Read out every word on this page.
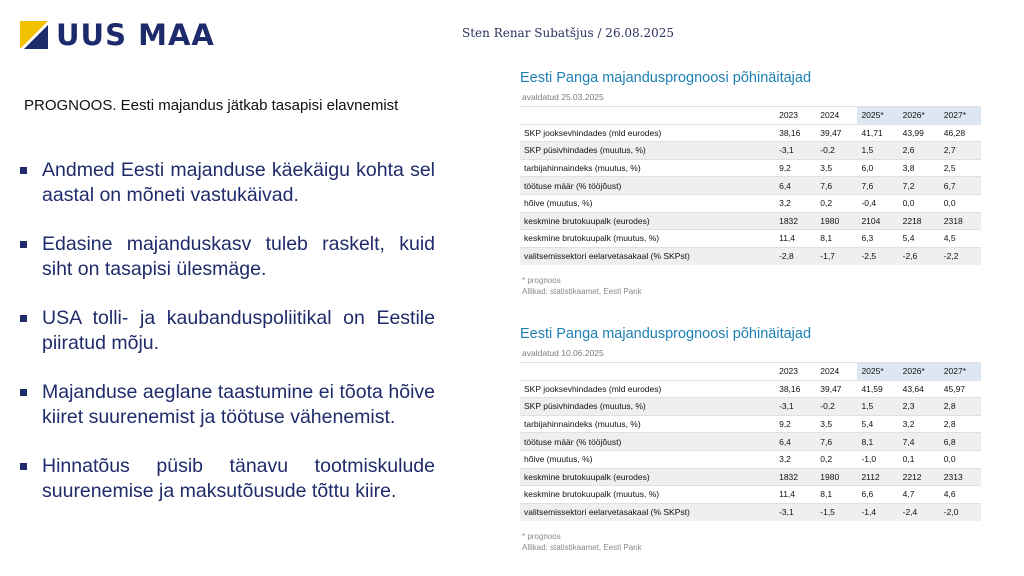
UUS MAA	Sten Renar Subatšjus / 26.08.2025
PROGNOOS. Eesti majandus jätkab tasapisi elavnemist
Andmed Eesti majanduse käekäigu kohta sel aastal on mõneti vastukäivad.
Edasine majanduskasv tuleb raskelt, kuid siht on tasapisi ülesmäge.
USA tolli- ja kaubanduspoliitikal on Eestile piiratud mõju.
Majanduse aeglane taastumine ei tõota hõive kiiret suurenemist ja töötuse vähenemist.
Hinnatõus püsib tänavu tootmiskulude suurenemise ja maksutõusude tõttu kiire.
Eesti Panga majandusprognoosi põhinäitajad
avaldatud 25.03.2025
	2023	2024	2025*	2026*	2027*
SKP jooksevhindades (mld eurodes)	38,16	39,47	41,71	43,99	46,28
SKP püsivhindades (muutus, %)	-3,1	-0,2	1,5	2,6	2,7
tarbijahinnaindeks (muutus, %)	9,2	3,5	6,0	3,8	2,5
töötuse määr (% tööjõust)	6,4	7,6	7,6	7,2	6,7
hõive (muutus, %)	3,2	0,2	-0,4	0,0	0,0
keskmine brutokuupalk (eurodes)	1832	1980	2104	2218	2318
keskmine brutokuupalk (muutus, %)	11,4	8,1	6,3	5,4	4,5
valitsemissektori eelarvetasakaal (% SKPst)	-2,8	-1,7	-2,5	-2,6	-2,2
* prognoos
Allikad: statistikaamet, Eesti Pank
Eesti Panga majandusprognoosi põhinäitajad
avaldatud 10.06.2025
	2023	2024	2025*	2026*	2027*
SKP jooksevhindades (mld eurodes)	38,16	39,47	41,59	43,64	45,97
SKP püsivhindades (muutus, %)	-3,1	-0,2	1,5	2,3	2,8
tarbijahinnaindeks (muutus, %)	9,2	3,5	5,4	3,2	2,8
töötuse määr (% tööjõust)	6,4	7,6	8,1	7,4	6,8
hõive (muutus, %)	3,2	0,2	-1,0	0,1	0,0
keskmine brutokuupalk (eurodes)	1832	1980	2112	2212	2313
keskmine brutokuupalk (muutus, %)	11,4	8,1	6,6	4,7	4,6
valitsemissektori eelarvetasakaal (% SKPst)	-3,1	-1,5	-1,4	-2,4	-2,0
* prognoos
Allikad: statistikaamet, Eesti Pank
